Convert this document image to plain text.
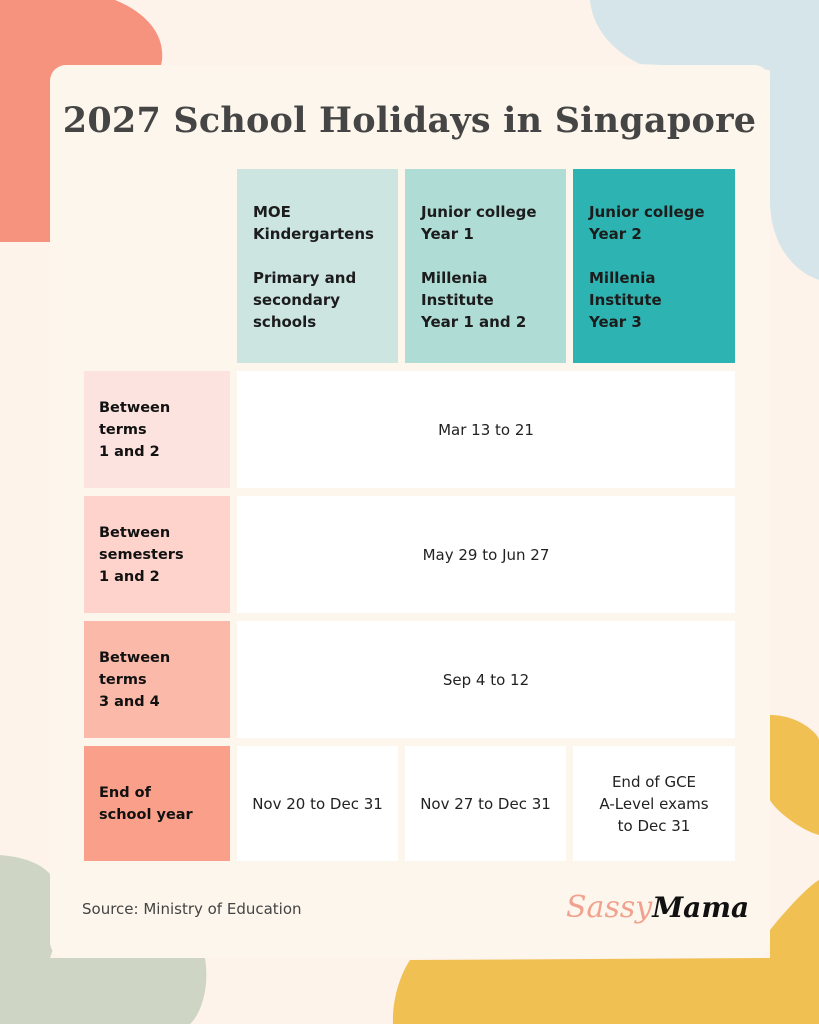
2027 School Holidays in Singapore
MOE
Kindergartens
Primary and
secondary
schools
Junior college
Year 1
Millenia
Institute
Year 1 and 2
Junior college
Year 2
Millenia
Institute
Year 3
Between
terms
1 and 2
Mar 13 to 21
Between
semesters
1 and 2
May 29 to Jun 27
Between
terms
3 and 4
Sep 4 to 12
End of
school year
Nov 20 to Dec 31	Nov 27 to Dec 31
End of GCE
A-Level exams
to Dec 31
Source: Ministry of Education	SassyMama
